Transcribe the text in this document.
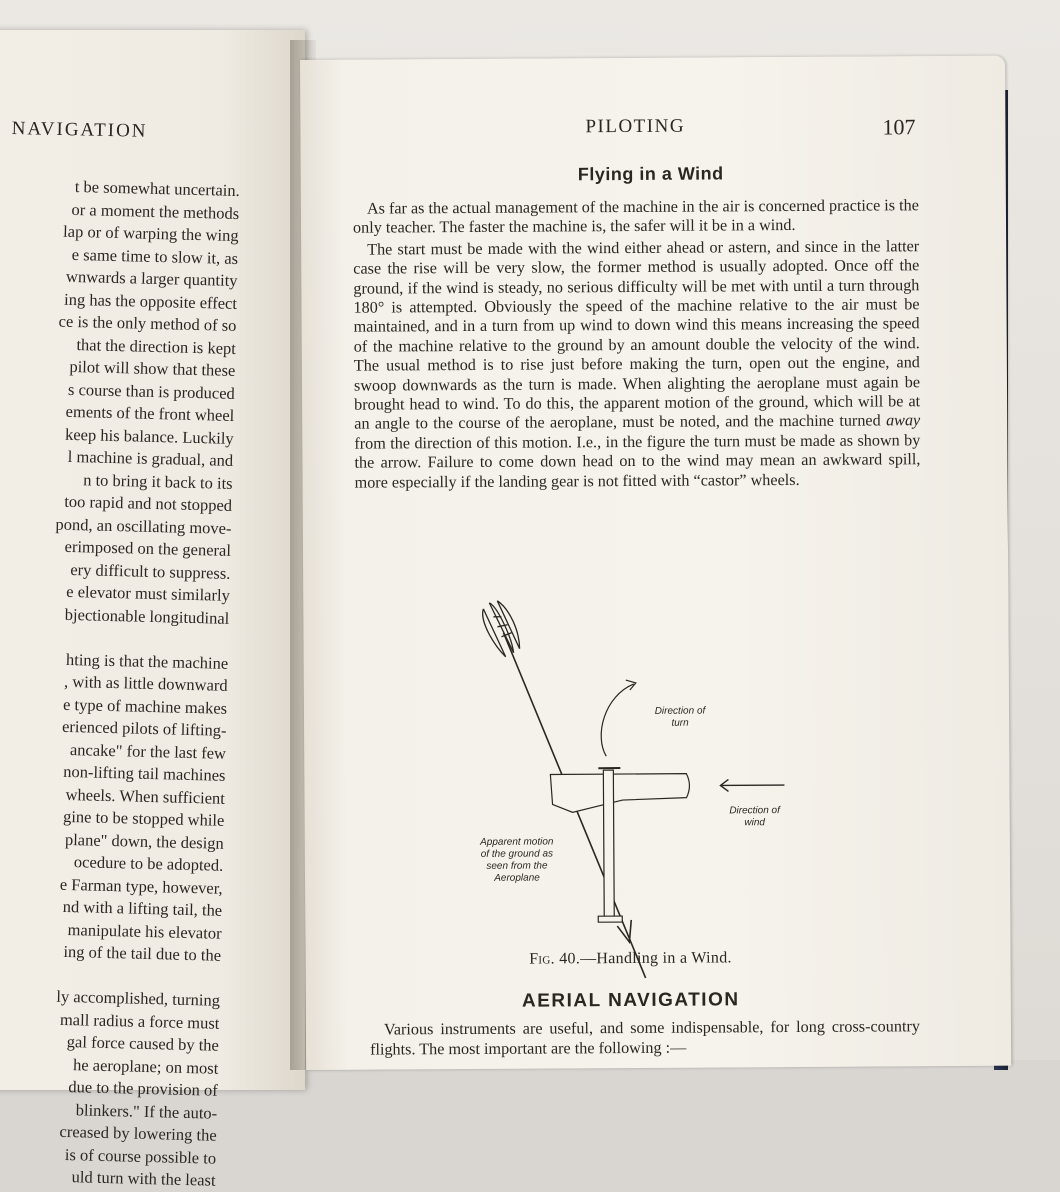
NAVIGATION
t be somewhat uncertain.
or a moment the methods
lap or of warping the wing
e same time to slow it, as
wnwards a larger quantity
ing has the opposite effect
ce is the only method of so
that the direction is kept
pilot will show that these
s course than is produced
ements of the front wheel
keep his balance. Luckily
l machine is gradual, and
n to bring it back to its
too rapid and not stopped
pond, an oscillating move-
erimposed on the general
ery difficult to suppress.
e elevator must similarly
bjectionable longitudinal

hting is that the machine
, with as little downward
e type of machine makes
erienced pilots of lifting-
ancake" for the last few
non-lifting tail machines
wheels. When sufficient
gine to be stopped while
plane" down, the design
ocedure to be adopted.
e Farman type, however,
nd with a lifting tail, the
manipulate his elevator
ing of the tail due to the

ly accomplished, turning
mall radius a force must
gal force caused by the
he aeroplane; on most
due to the provision of
blinkers." If the auto-
creased by lowering the
is of course possible to
uld turn with the least
PILOTING	107
Flying in a Wind

As far as the actual management of the machine in the air is concerned practice is the only teacher. The faster the machine is, the safer will it be in a wind.

The start must be made with the wind either ahead or astern, and since in the latter case the rise will be very slow, the former method is usually adopted. Once off the ground, if the wind is steady, no serious difficulty will be met with until a turn through 180° is attempted. Obviously the speed of the machine relative to the air must be maintained, and in a turn from up wind to down wind this means increasing the speed of the machine relative to the ground by an amount double the velocity of the wind. The usual method is to rise just before making the turn, open out the engine, and swoop downwards as the turn is made. When alighting the aeroplane must again be brought head to wind. To do this, the apparent motion of the ground, which will be at an angle to the course of the aeroplane, must be noted, and the machine turned away from the direction of this motion. I.e., in the figure the turn must be made as shown by the arrow. Failure to come down head on to the wind may mean an awkward spill, more especially if the landing gear is not fitted with “castor” wheels.

Direction of turn
Direction of wind
Apparent motion of the ground as seen from the Aeroplane
Fig. 40.—Handling in a Wind.
AERIAL NAVIGATION

Various instruments are useful, and some indispensable, for long cross-country flights. The most important are the following :—
